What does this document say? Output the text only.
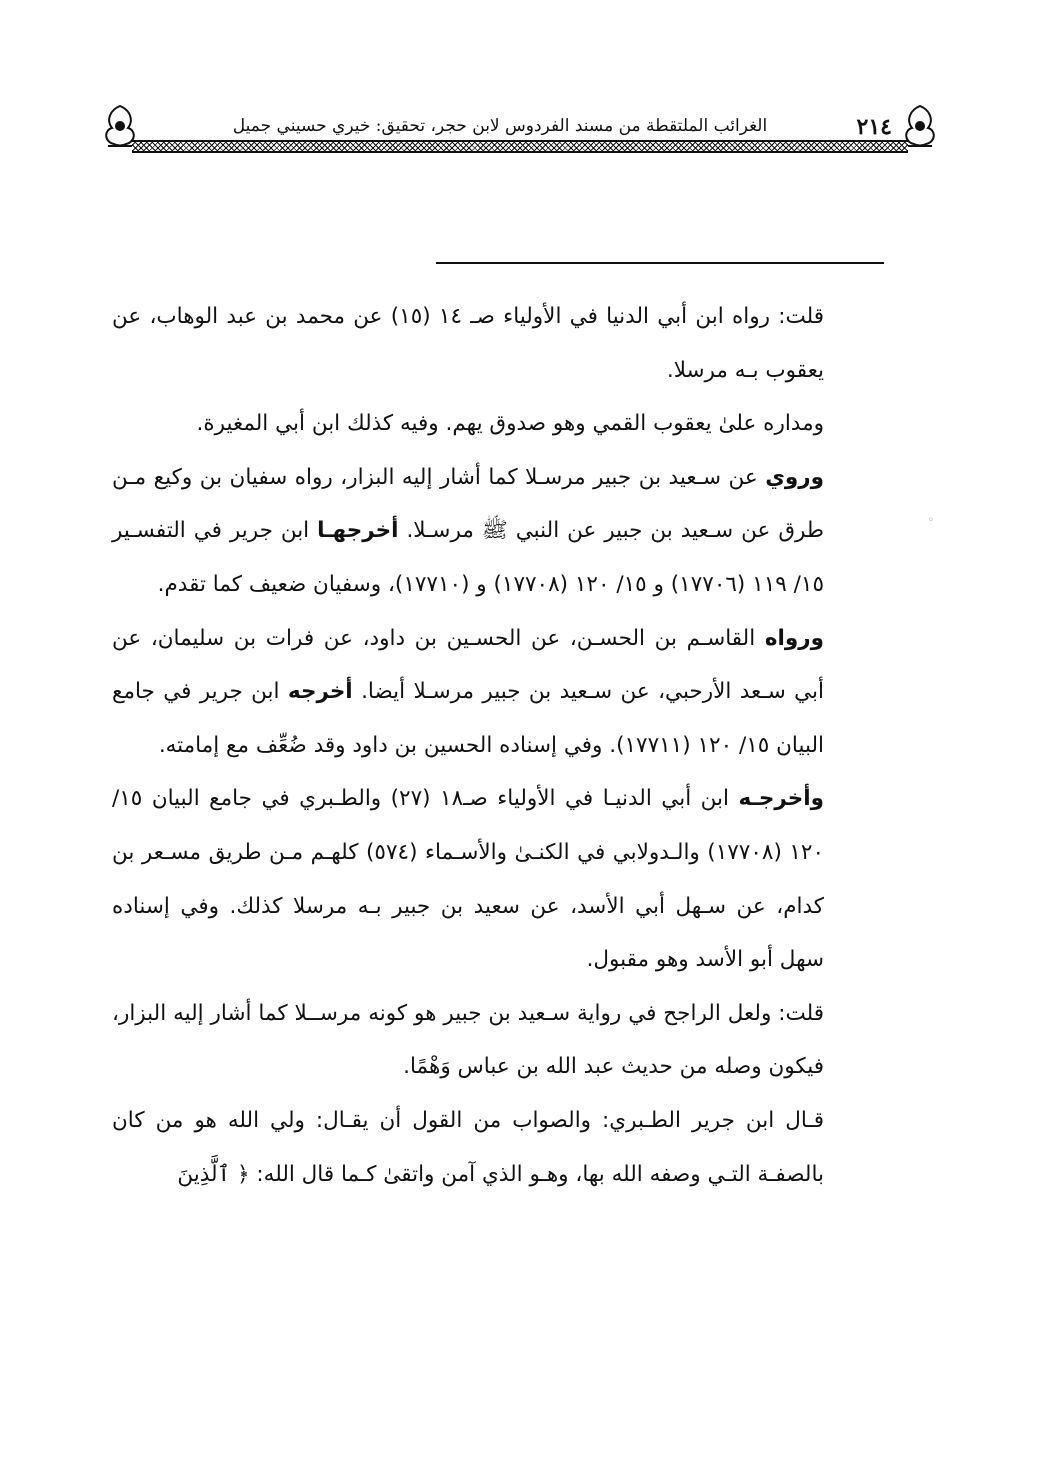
٢١٤
الغرائب الملتقطة من مسند الفردوس لابن حجر، تحقيق: خيري حسيني جميل
◦

قلت: رواه ابن أبي الدنيا في الأولياء صـ ١٤ (١٥) عن محمد بن عبد الوهاب، عن يعقوب بـه مرسلا.

ومداره علىٰ يعقوب القمي وهو صدوق يهم. وفيه كذلك ابن أبي المغيرة.

وروي عن سـعيد بن جبير مرسـلا كما أشار إليه البزار، رواه سفيان بن وكيع مـن طرق عن سـعيد بن جبير عن النبي ﷺ مرسـلا. أخرجهـا ابن جرير في التفسـير ١٥/ ١١٩ (١٧٧٠٦) و ١٥/ ١٢٠ (١٧٧٠٨) و (١٧٧١٠)، وسفيان ضعيف كما تقدم.

ورواه القاسـم بن الحسـن، عن الحسـين بن داود، عن فرات بن سليمان، عن أبي سـعد الأرحبي، عن سـعيد بن جبير مرسـلا أيضا. أخرجه ابن جرير في جامع البيان ١٥/ ١٢٠ (١٧٧١١). وفي إسناده الحسين بن داود وقد ضُعِّف مع إمامته.

وأخرجـه ابن أبي الدنيـا في الأولياء صـ١٨ (٢٧) والطـبري في جامع البيان ١٥/ ١٢٠ (١٧٧٠٨) والـدولابي في الكنـىٰ والأسـماء (٥٧٤) كلهـم مـن طريق مسـعر بن كدام، عن سـهل أبي الأسد، عن سعيد بن جبير بـه مرسلا كذلك. وفي إسناده سهل أبو الأسد وهو مقبول.

قلت: ولعل الراجح في رواية سـعيد بن جبير هو كونه مرســلا كما أشار إليه البزار، فيكون وصله من حديث عبد الله بن عباس وَهْمًا.

قـال ابن جرير الطـبري: والصواب من القول أن يقـال: ولي الله هو من كان بالصفـة التـي وصفه الله بها، وهـو الذي آمن واتقىٰ كـما قال الله: ﴿ ٱلَّذِينَ
